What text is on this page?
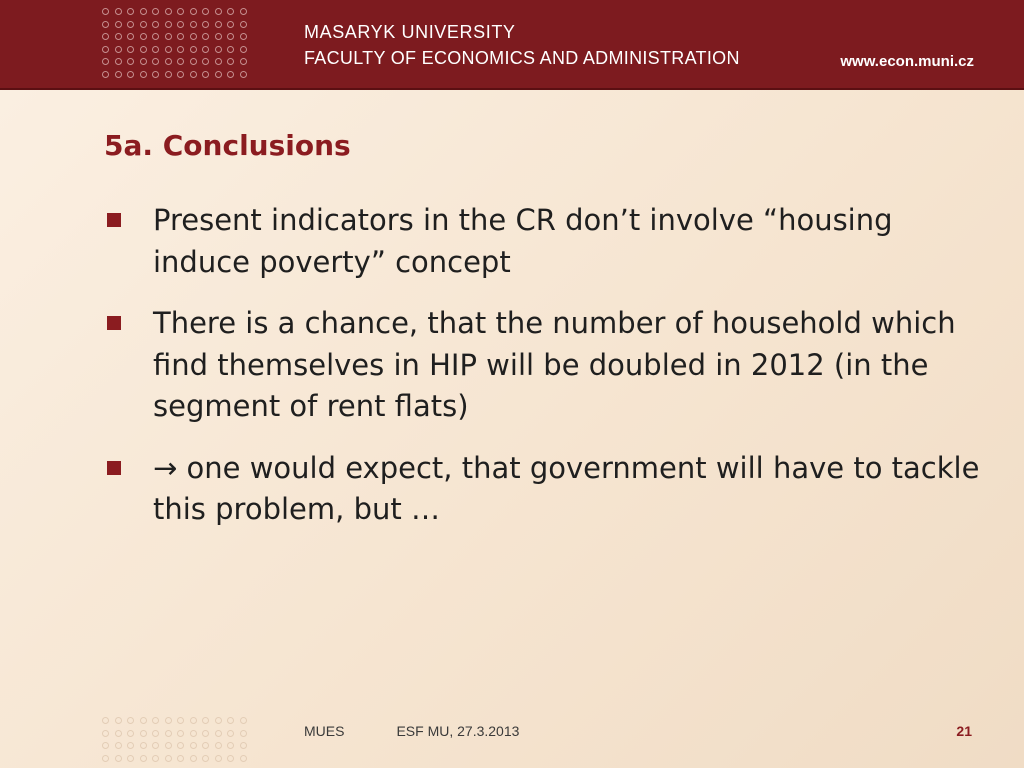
MASARYK UNIVERSITY
FACULTY OF ECONOMICS AND ADMINISTRATION	www.econ.muni.cz
5a. Conclusions
Present indicators in the CR don’t involve “housing induce poverty” concept
There is a chance, that the number of household which find themselves in HIP will be doubled in 2012 (in the segment of rent flats)
→ one would expect, that government will have to tackle this problem, but …
MUES	ESF MU, 27.3.2013	21
